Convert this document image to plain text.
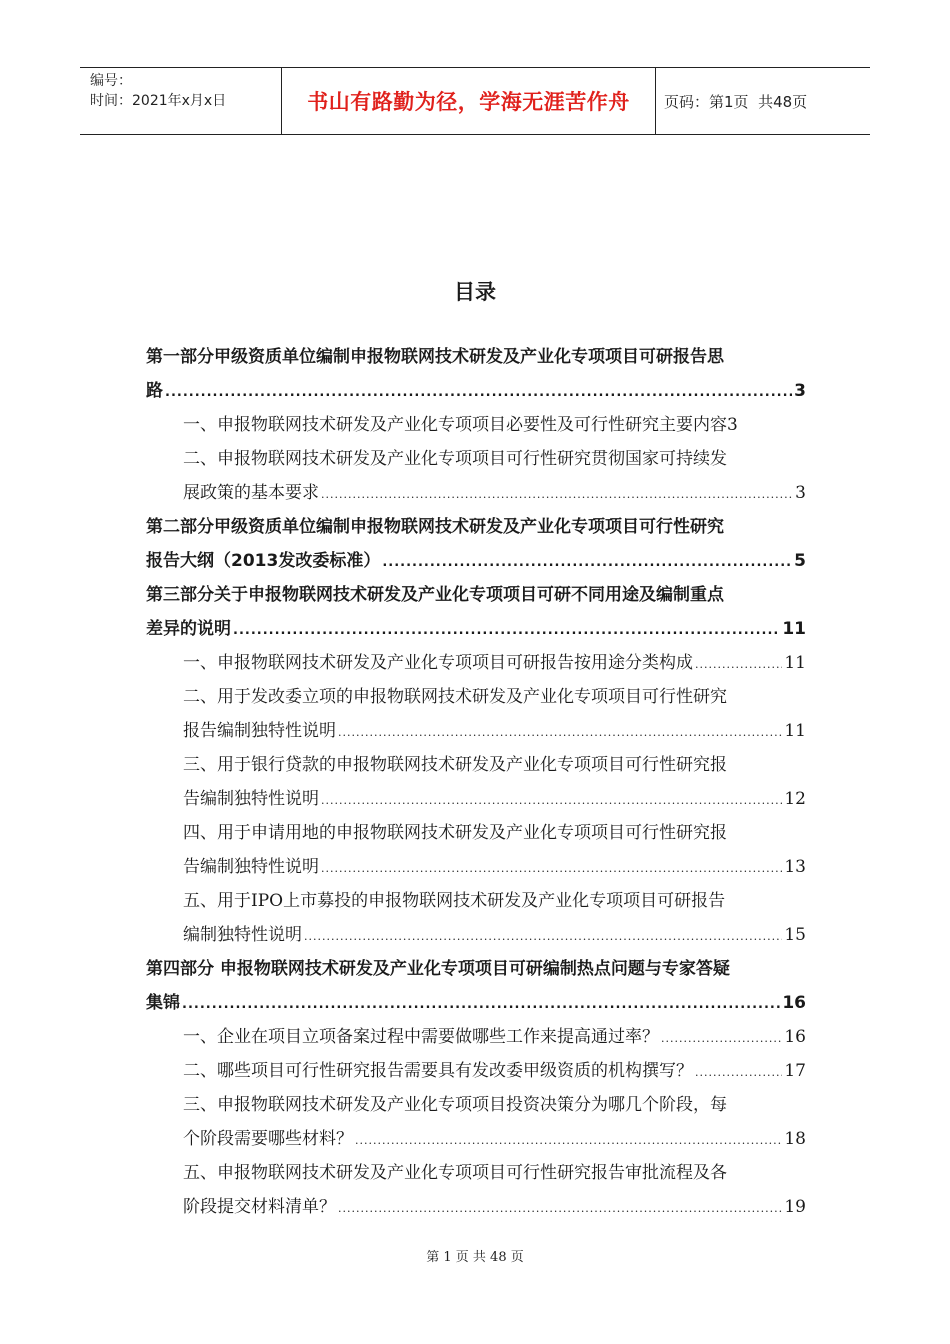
编号：
时间：2021年x月x日	书山有路勤为径，学海无涯苦作舟	页码：第1页  共48页
目录
第一部分甲级资质单位编制申报物联网技术研发及产业化专项项目可研报告思
路 .....	3
一、申报物联网技术研发及产业化专项项目必要性及可行性研究主要内容 3
二、申报物联网技术研发及产业化专项项目可行性研究贯彻国家可持续发
展政策的基本要求 .....	3
第二部分甲级资质单位编制申报物联网技术研发及产业化专项项目可行性研究
报告大纲（2013发改委标准） .....	5
第三部分关于申报物联网技术研发及产业化专项项目可研不同用途及编制重点
差异的说明 .....	11
一、申报物联网技术研发及产业化专项项目可研报告按用途分类构成 .....	11
二、用于发改委立项的申报物联网技术研发及产业化专项项目可行性研究
报告编制独特性说明 .....	11
三、用于银行贷款的申报物联网技术研发及产业化专项项目可行性研究报
告编制独特性说明 .....	12
四、用于申请用地的申报物联网技术研发及产业化专项项目可行性研究报
告编制独特性说明 .....	13
五、用于IPO上市募投的申报物联网技术研发及产业化专项项目可研报告
编制独特性说明 .....	15
第四部分 申报物联网技术研发及产业化专项项目可研编制热点问题与专家答疑
集锦 .....	16
一、企业在项目立项备案过程中需要做哪些工作来提高通过率？ .....	16
二、哪些项目可行性研究报告需要具有发改委甲级资质的机构撰写？ .....	17
三、申报物联网技术研发及产业化专项项目投资决策分为哪几个阶段，每
个阶段需要哪些材料？ .....	18
五、申报物联网技术研发及产业化专项项目可行性研究报告审批流程及各
阶段提交材料清单？ .....	19
第 1 页 共 48 页
